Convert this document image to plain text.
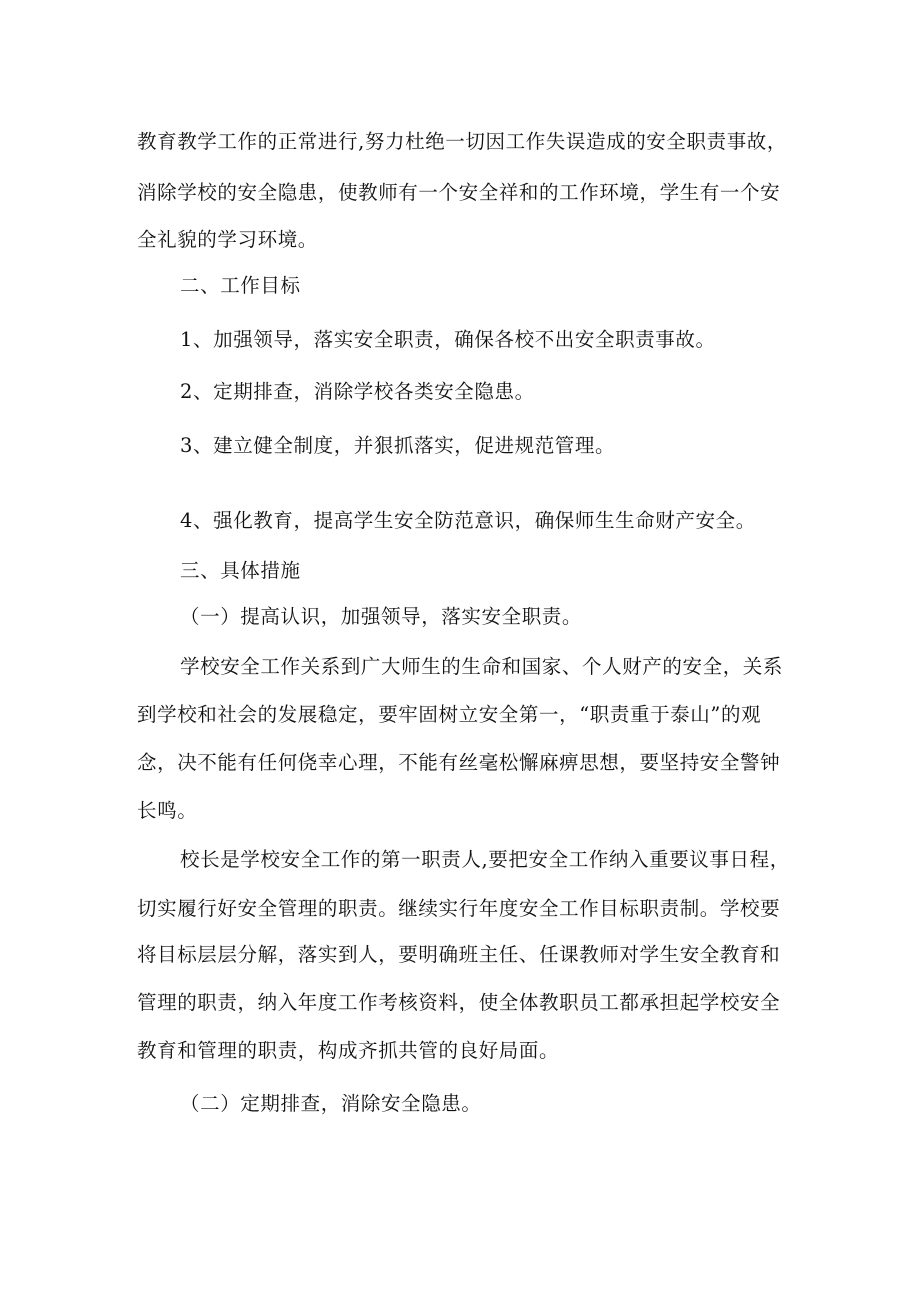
教育教学工作的正常进行,努力杜绝一切因工作失误造成的安全职责事故，

消除学校的安全隐患，使教师有一个安全祥和的工作环境，学生有一个安

全礼貌的学习环境。

二、工作目标

1、加强领导，落实安全职责，确保各校不出安全职责事故。

2、定期排查，消除学校各类安全隐患。

3、建立健全制度，并狠抓落实，促进规范管理。

4、强化教育，提高学生安全防范意识，确保师生生命财产安全。

三、具体措施

（一）提高认识，加强领导，落实安全职责。

学校安全工作关系到广大师生的生命和国家、个人财产的安全，关系

到学校和社会的发展稳定，要牢固树立安全第一，“职责重于泰山”的观

念，决不能有任何侥幸心理，不能有丝毫松懈麻痹思想，要坚持安全警钟

长鸣。

校长是学校安全工作的第一职责人,要把安全工作纳入重要议事日程，

切实履行好安全管理的职责。继续实行年度安全工作目标职责制。学校要

将目标层层分解，落实到人，要明确班主任、任课教师对学生安全教育和

管理的职责，纳入年度工作考核资料，使全体教职员工都承担起学校安全

教育和管理的职责，构成齐抓共管的良好局面。

（二）定期排查，消除安全隐患。
